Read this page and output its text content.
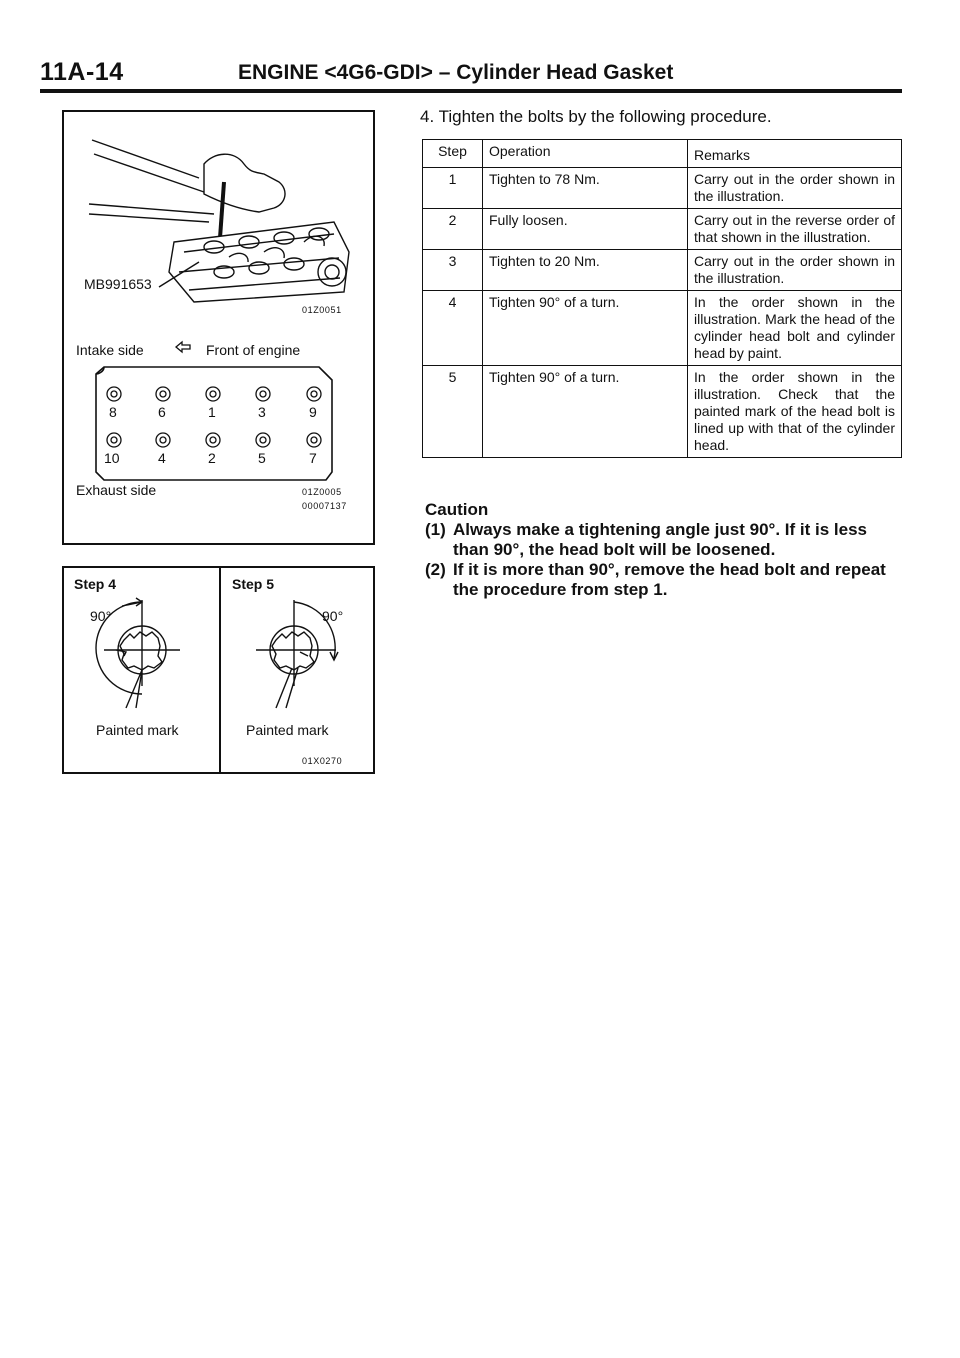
11A-14	ENGINE <4G6-GDI> – Cylinder Head Gasket
MB991653
01Z0051
Intake side	Front of engine
8	6	1	3	9
10	4	2	5	7
Exhaust side	01Z0005
00007137
Step 4	Step 5
90°	90°
Painted mark	Painted mark
01X0270
4. Tighten the bolts by the following procedure.
Step	Operation	Remarks
1	Tighten to 78 Nm.	Carry out in the order shown in the illustration.
2	Fully loosen.	Carry out in the reverse order of that shown in the illustration.
3	Tighten to 20 Nm.	Carry out in the order shown in the illustration.
4	Tighten 90° of a turn.	In the order shown in the illustration. Mark the head of the cylinder head bolt and cylinder head by paint.
5	Tighten 90° of a turn.	In the order shown in the illustration. Check that the painted mark of the head bolt is lined up with that of the cylinder head.
Caution
(1) Always make a tightening angle just 90°. If it is less than 90°, the head bolt will be loosened.
(2) If it is more than 90°, remove the head bolt and repeat the procedure from step 1.
